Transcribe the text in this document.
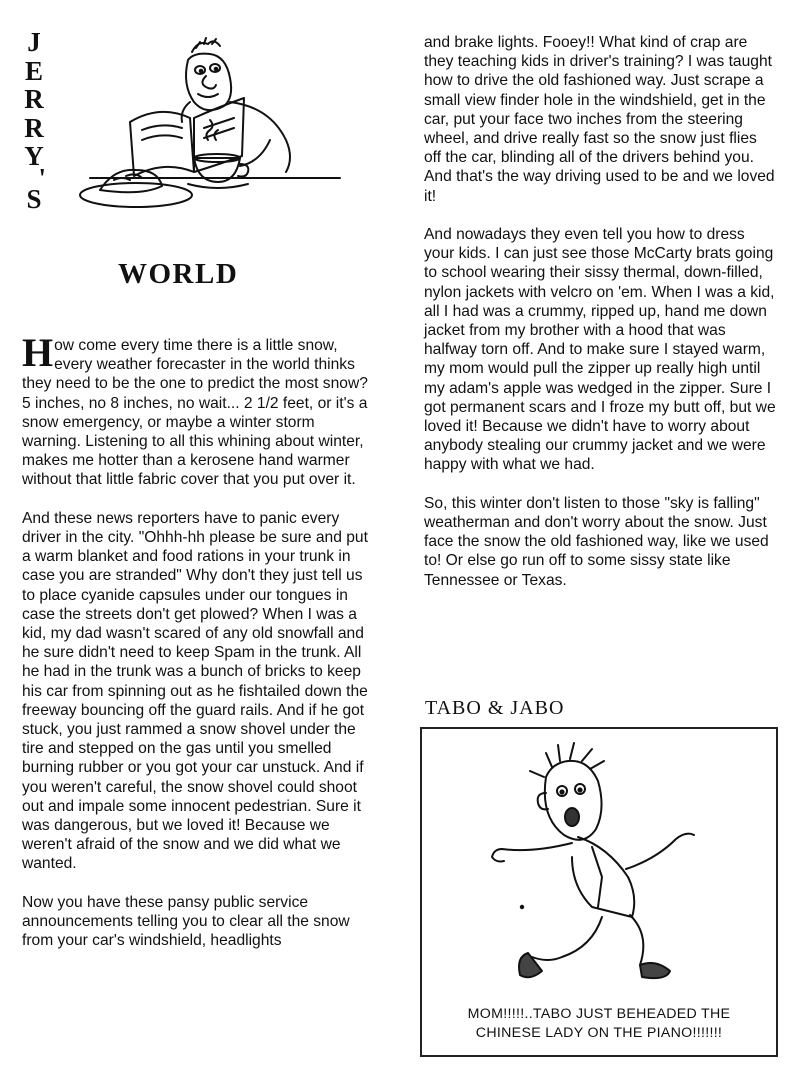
J
E
R
R
Y
'
S
WORLD

How come every time there is a little snow, every weather forecaster in the world thinks they need to be the one to predict the most snow? 5 inches, no 8 inches, no wait... 2 1/2 feet, or it's a snow emergency, or maybe a winter storm warning. Listening to all this whining about winter, makes me hotter than a kerosene hand warmer without that little fabric cover that you put over it.

And these news reporters have to panic every driver in the city. "Ohhh-hh please be sure and put a warm blanket and food rations in your trunk in case you are stranded" Why don't they just tell us to place cyanide capsules under our tongues in case the streets don't get plowed? When I was a kid, my dad wasn't scared of any old snowfall and he sure didn't need to keep Spam in the trunk. All he had in the trunk was a bunch of bricks to keep his car from spinning out as he fishtailed down the freeway bouncing off the guard rails. And if he got stuck, you just rammed a snow shovel under the tire and stepped on the gas until you smelled burning rubber or you got your car unstuck. And if you weren't careful, the snow shovel could shoot out and impale some innocent pedestrian. Sure it was dangerous, but we loved it! Because we weren't afraid of the snow and we did what we wanted.

Now you have these pansy public service announcements telling you to clear all the snow from your car's windshield, headlights

and brake lights. Fooey!! What kind of crap are they teaching kids in driver's training? I was taught how to drive the old fashioned way. Just scrape a small view finder hole in the windshield, get in the car, put your face two inches from the steering wheel, and drive really fast so the snow just flies off the car, blinding all of the drivers behind you. And that's the way driving used to be and we loved it!

And nowadays they even tell you how to dress your kids. I can just see those McCarty brats going to school wearing their sissy thermal, down-filled, nylon jackets with velcro on 'em. When I was a kid, all I had was a crummy, ripped up, hand me down jacket from my brother with a hood that was halfway torn off. And to make sure I stayed warm, my mom would pull the zipper up really high until my adam's apple was wedged in the zipper. Sure I got permanent scars and I froze my butt off, but we loved it! Because we didn't have to worry about anybody stealing our crummy jacket and we were happy with what we had.

So, this winter don't listen to those "sky is falling" weatherman and don't worry about the snow. Just face the snow the old fashioned way, like we used to! Or else go run off to some sissy state like Tennessee or Texas.

TABO & JABO
MOM!!!!!..TABO JUST BEHEADED THE
CHINESE LADY ON THE PIANO!!!!!!!
